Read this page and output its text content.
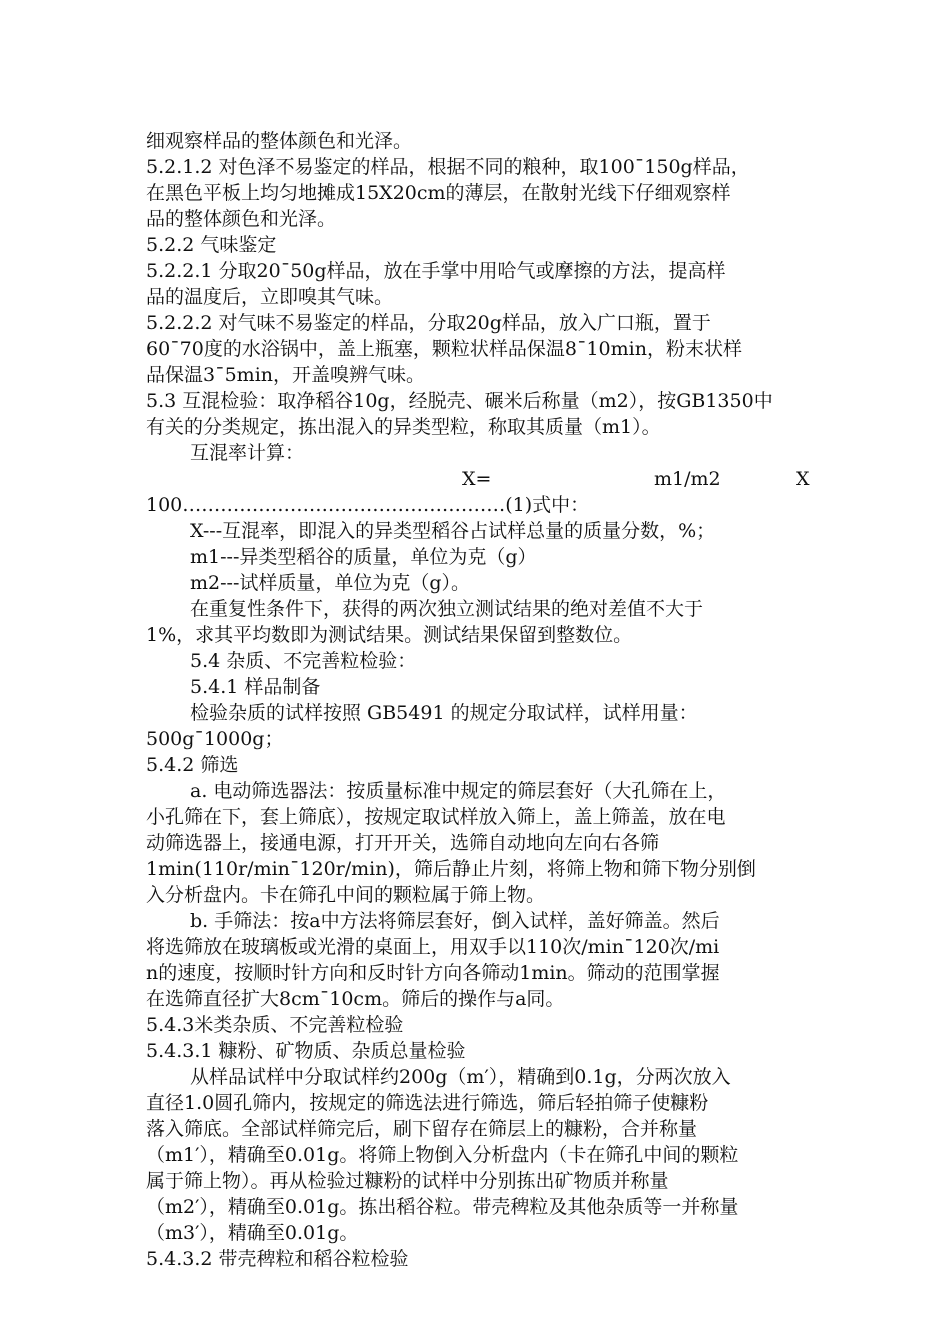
细观察样品的整体颜色和光泽。
5.2.1.2 对色泽不易鉴定的样品，根据不同的粮种，取100¯150g样品，
在黑色平板上均匀地摊成15X20cm的薄层，在散射光线下仔细观察样
品的整体颜色和光泽。
5.2.2 气味鉴定
5.2.2.1 分取20¯50g样品，放在手掌中用哈气或摩擦的方法，提高样
品的温度后，立即嗅其气味。
5.2.2.2 对气味不易鉴定的样品，分取20g样品，放入广口瓶，置于
60¯70度的水浴锅中，盖上瓶塞，颗粒状样品保温8¯10min，粉末状样
品保温3¯5min，开盖嗅辨气味。
5.3 互混检验：取净稻谷10g，经脱壳、碾米后称量（m2），按GB1350中
有关的分类规定，拣出混入的异类型粒，称取其质量（m1）。
互混率计算：
X=	m1/m2	X
100……………………………………………(1)式中：
X---互混率，即混入的异类型稻谷占试样总量的质量分数，%；
m1---异类型稻谷的质量，单位为克（g）
m2---试样质量，单位为克（g）。
在重复性条件下，获得的两次独立测试结果的绝对差值不大于
1%，求其平均数即为测试结果。测试结果保留到整数位。
5.4 杂质、不完善粒检验：
5.4.1 样品制备
检验杂质的试样按照 GB5491 的规定分取试样，试样用量：
500g¯1000g；
5.4.2 筛选
a. 电动筛选器法：按质量标准中规定的筛层套好（大孔筛在上，
小孔筛在下，套上筛底），按规定取试样放入筛上，盖上筛盖，放在电
动筛选器上，接通电源，打开开关，选筛自动地向左向右各筛
1min(110r/min¯120r/min)，筛后静止片刻，将筛上物和筛下物分别倒
入分析盘内。卡在筛孔中间的颗粒属于筛上物。
b. 手筛法：按a中方法将筛层套好，倒入试样，盖好筛盖。然后
将选筛放在玻璃板或光滑的桌面上，用双手以110次/min¯120次/mi
n的速度，按顺时针方向和反时针方向各筛动1min。筛动的范围掌握
在选筛直径扩大8cm¯10cm。筛后的操作与a同。
5.4.3米类杂质、不完善粒检验
5.4.3.1 糠粉、矿物质、杂质总量检验
从样品试样中分取试样约200g（m′），精确到0.1g，分两次放入
直径1.0圆孔筛内，按规定的筛选法进行筛选，筛后轻拍筛子使糠粉
落入筛底。全部试样筛完后，刷下留存在筛层上的糠粉，合并称量
（m1′），精确至0.01g。将筛上物倒入分析盘内（卡在筛孔中间的颗粒
属于筛上物）。再从检验过糠粉的试样中分别拣出矿物质并称量
（m2′），精确至0.01g。拣出稻谷粒。带壳稗粒及其他杂质等一并称量
（m3′），精确至0.01g。
5.4.3.2 带壳稗粒和稻谷粒检验
